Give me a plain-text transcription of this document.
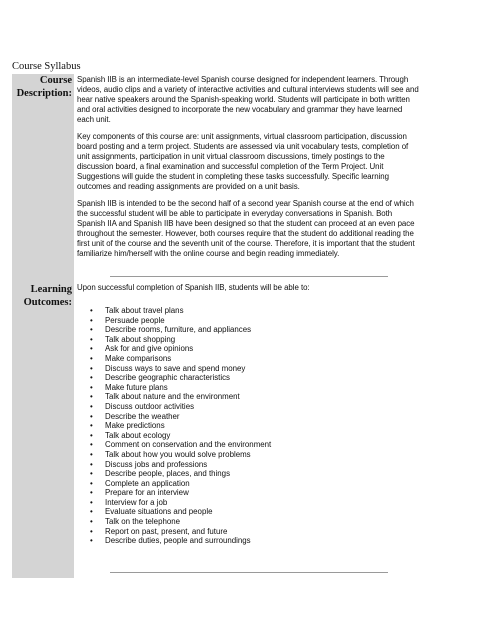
Course Syllabus
Course
Description:
Learning
Outcomes:

Spanish IIB is an intermediate-level Spanish course designed for independent learners. Through videos, audio clips and a variety of interactive activities and cultural interviews students will see and hear native speakers around the Spanish-speaking world. Students will participate in both written and oral activities designed to incorporate the new vocabulary and grammar they have learned each unit.

Key components of this course are: unit assignments, virtual classroom participation, discussion board posting and a term project. Students are assessed via unit vocabulary tests, completion of unit assignments, participation in unit virtual classroom discussions, timely postings to the discussion board, a final examination and successful completion of the Term Project. Unit Suggestions will guide the student in completing these tasks successfully. Specific learning outcomes and reading assignments are provided on a unit basis.

Spanish IIB is intended to be the second half of a second year Spanish course at the end of which the successful student will be able to participate in everyday conversations in Spanish. Both Spanish IIA and Spanish IIB have been designed so that the student can proceed at an even pace throughout the semester. However, both courses require that the student do additional reading the first unit of the course and the seventh unit of the course. Therefore, it is important that the student familiarize him/herself with the online course and begin reading immediately.

Upon successful completion of Spanish IIB, students will be able to:
• Talk about travel plans
• Persuade people
• Describe rooms, furniture, and appliances
• Talk about shopping
• Ask for and give opinions
• Make comparisons
• Discuss ways to save and spend money
• Describe geographic characteristics
• Make future plans
• Talk about nature and the environment
• Discuss outdoor activities
• Describe the weather
• Make predictions
• Talk about ecology
• Comment on conservation and the environment
• Talk about how you would solve problems
• Discuss jobs and professions
• Describe people, places, and things
• Complete an application
• Prepare for an interview
• Interview for a job
• Evaluate situations and people
• Talk on the telephone
• Report on past, present, and future
• Describe duties, people and surroundings
